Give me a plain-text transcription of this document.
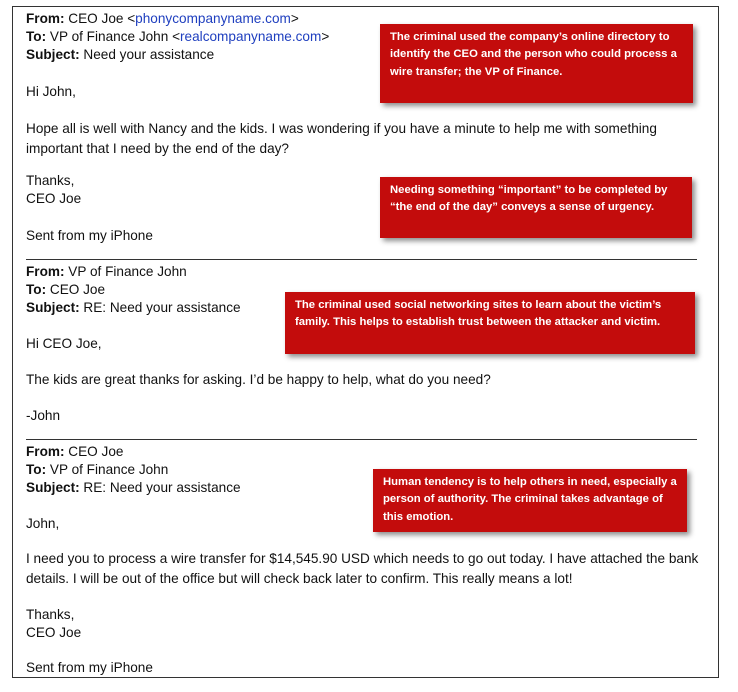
From: CEO Joe <phonycompanyname.com>
To: VP of Finance John <realcompanyname.com>
Subject: Need your assistance
Hi John,
Hope all is well with Nancy and the kids. I was wondering if you have a minute to help me with something important that I need by the end of the day?
Thanks,
CEO Joe
Sent from my iPhone
From: VP of Finance John
To: CEO Joe
Subject: RE: Need your assistance
Hi CEO Joe,
The kids are great thanks for asking. I’d be happy to help, what do you need?
-John
From: CEO Joe
To: VP of Finance John
Subject: RE: Need your assistance
John,
I need you to process a wire transfer for $14,545.90 USD which needs to go out today. I have attached the bank details. I will be out of the office but will check back later to confirm. This really means a lot!
Thanks,
CEO Joe
Sent from my iPhone
The criminal used the company’s online directory to identify the CEO and the person who could process a wire transfer; the VP of Finance.
Needing something “important” to be completed by “the end of the day” conveys a sense of urgency.
The criminal used social networking sites to learn about the victim’s family. This helps to establish trust between the attacker and victim.
Human tendency is to help others in need, especially a person of authority. The criminal takes advantage of this emotion.
